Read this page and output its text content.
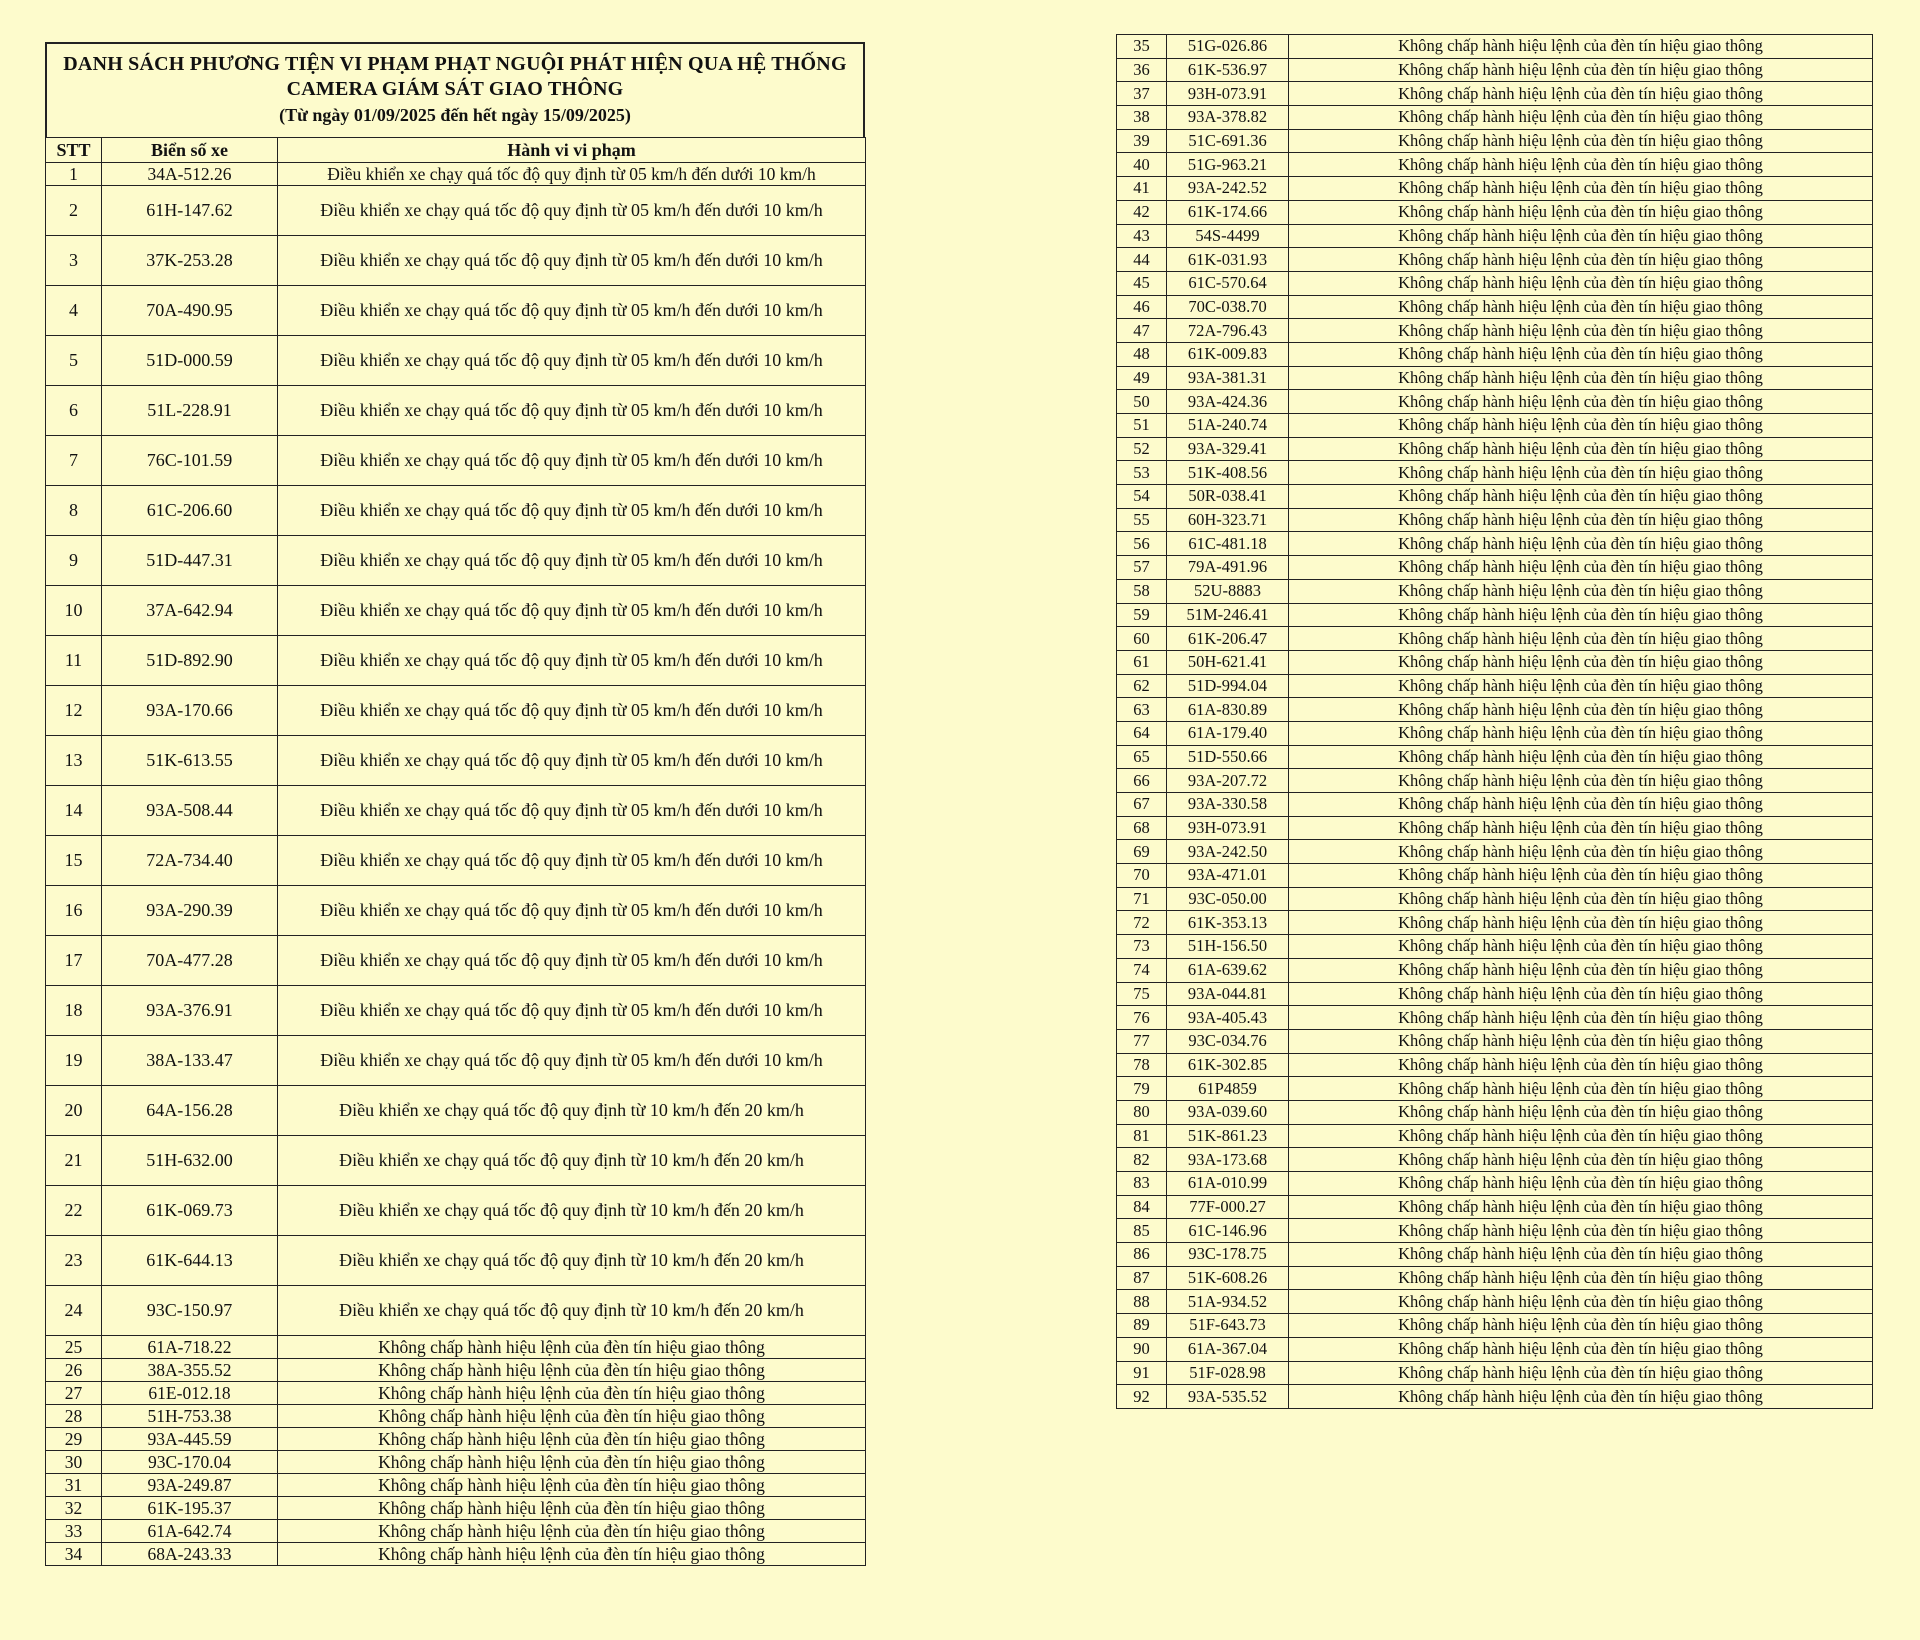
DANH SÁCH PHƯƠNG TIỆN VI PHẠM PHẠT NGUỘI PHÁT HIỆN QUA HỆ THỐNG
CAMERA GIÁM SÁT GIAO THÔNG
(Từ ngày 01/09/2025 đến hết ngày 15/09/2025)
STT	Biển số xe	Hành vi vi phạm
1	34A-512.26	Điều khiển xe chạy quá tốc độ quy định từ 05 km/h đến dưới 10 km/h
2	61H-147.62	Điều khiển xe chạy quá tốc độ quy định từ 05 km/h đến dưới 10 km/h
3	37K-253.28	Điều khiển xe chạy quá tốc độ quy định từ 05 km/h đến dưới 10 km/h
4	70A-490.95	Điều khiển xe chạy quá tốc độ quy định từ 05 km/h đến dưới 10 km/h
5	51D-000.59	Điều khiển xe chạy quá tốc độ quy định từ 05 km/h đến dưới 10 km/h
6	51L-228.91	Điều khiển xe chạy quá tốc độ quy định từ 05 km/h đến dưới 10 km/h
7	76C-101.59	Điều khiển xe chạy quá tốc độ quy định từ 05 km/h đến dưới 10 km/h
8	61C-206.60	Điều khiển xe chạy quá tốc độ quy định từ 05 km/h đến dưới 10 km/h
9	51D-447.31	Điều khiển xe chạy quá tốc độ quy định từ 05 km/h đến dưới 10 km/h
10	37A-642.94	Điều khiển xe chạy quá tốc độ quy định từ 05 km/h đến dưới 10 km/h
11	51D-892.90	Điều khiển xe chạy quá tốc độ quy định từ 05 km/h đến dưới 10 km/h
12	93A-170.66	Điều khiển xe chạy quá tốc độ quy định từ 05 km/h đến dưới 10 km/h
13	51K-613.55	Điều khiển xe chạy quá tốc độ quy định từ 05 km/h đến dưới 10 km/h
14	93A-508.44	Điều khiển xe chạy quá tốc độ quy định từ 05 km/h đến dưới 10 km/h
15	72A-734.40	Điều khiển xe chạy quá tốc độ quy định từ 05 km/h đến dưới 10 km/h
16	93A-290.39	Điều khiển xe chạy quá tốc độ quy định từ 05 km/h đến dưới 10 km/h
17	70A-477.28	Điều khiển xe chạy quá tốc độ quy định từ 05 km/h đến dưới 10 km/h
18	93A-376.91	Điều khiển xe chạy quá tốc độ quy định từ 05 km/h đến dưới 10 km/h
19	38A-133.47	Điều khiển xe chạy quá tốc độ quy định từ 05 km/h đến dưới 10 km/h
20	64A-156.28	Điều khiển xe chạy quá tốc độ quy định từ 10 km/h đến 20 km/h
21	51H-632.00	Điều khiển xe chạy quá tốc độ quy định từ 10 km/h đến 20 km/h
22	61K-069.73	Điều khiển xe chạy quá tốc độ quy định từ 10 km/h đến 20 km/h
23	61K-644.13	Điều khiển xe chạy quá tốc độ quy định từ 10 km/h đến 20 km/h
24	93C-150.97	Điều khiển xe chạy quá tốc độ quy định từ 10 km/h đến 20 km/h
25	61A-718.22	Không chấp hành hiệu lệnh của đèn tín hiệu giao thông
26	38A-355.52	Không chấp hành hiệu lệnh của đèn tín hiệu giao thông
27	61E-012.18	Không chấp hành hiệu lệnh của đèn tín hiệu giao thông
28	51H-753.38	Không chấp hành hiệu lệnh của đèn tín hiệu giao thông
29	93A-445.59	Không chấp hành hiệu lệnh của đèn tín hiệu giao thông
30	93C-170.04	Không chấp hành hiệu lệnh của đèn tín hiệu giao thông
31	93A-249.87	Không chấp hành hiệu lệnh của đèn tín hiệu giao thông
32	61K-195.37	Không chấp hành hiệu lệnh của đèn tín hiệu giao thông
33	61A-642.74	Không chấp hành hiệu lệnh của đèn tín hiệu giao thông
34	68A-243.33	Không chấp hành hiệu lệnh của đèn tín hiệu giao thông
35	51G-026.86	Không chấp hành hiệu lệnh của đèn tín hiệu giao thông
36	61K-536.97	Không chấp hành hiệu lệnh của đèn tín hiệu giao thông
37	93H-073.91	Không chấp hành hiệu lệnh của đèn tín hiệu giao thông
38	93A-378.82	Không chấp hành hiệu lệnh của đèn tín hiệu giao thông
39	51C-691.36	Không chấp hành hiệu lệnh của đèn tín hiệu giao thông
40	51G-963.21	Không chấp hành hiệu lệnh của đèn tín hiệu giao thông
41	93A-242.52	Không chấp hành hiệu lệnh của đèn tín hiệu giao thông
42	61K-174.66	Không chấp hành hiệu lệnh của đèn tín hiệu giao thông
43	54S-4499	Không chấp hành hiệu lệnh của đèn tín hiệu giao thông
44	61K-031.93	Không chấp hành hiệu lệnh của đèn tín hiệu giao thông
45	61C-570.64	Không chấp hành hiệu lệnh của đèn tín hiệu giao thông
46	70C-038.70	Không chấp hành hiệu lệnh của đèn tín hiệu giao thông
47	72A-796.43	Không chấp hành hiệu lệnh của đèn tín hiệu giao thông
48	61K-009.83	Không chấp hành hiệu lệnh của đèn tín hiệu giao thông
49	93A-381.31	Không chấp hành hiệu lệnh của đèn tín hiệu giao thông
50	93A-424.36	Không chấp hành hiệu lệnh của đèn tín hiệu giao thông
51	51A-240.74	Không chấp hành hiệu lệnh của đèn tín hiệu giao thông
52	93A-329.41	Không chấp hành hiệu lệnh của đèn tín hiệu giao thông
53	51K-408.56	Không chấp hành hiệu lệnh của đèn tín hiệu giao thông
54	50R-038.41	Không chấp hành hiệu lệnh của đèn tín hiệu giao thông
55	60H-323.71	Không chấp hành hiệu lệnh của đèn tín hiệu giao thông
56	61C-481.18	Không chấp hành hiệu lệnh của đèn tín hiệu giao thông
57	79A-491.96	Không chấp hành hiệu lệnh của đèn tín hiệu giao thông
58	52U-8883	Không chấp hành hiệu lệnh của đèn tín hiệu giao thông
59	51M-246.41	Không chấp hành hiệu lệnh của đèn tín hiệu giao thông
60	61K-206.47	Không chấp hành hiệu lệnh của đèn tín hiệu giao thông
61	50H-621.41	Không chấp hành hiệu lệnh của đèn tín hiệu giao thông
62	51D-994.04	Không chấp hành hiệu lệnh của đèn tín hiệu giao thông
63	61A-830.89	Không chấp hành hiệu lệnh của đèn tín hiệu giao thông
64	61A-179.40	Không chấp hành hiệu lệnh của đèn tín hiệu giao thông
65	51D-550.66	Không chấp hành hiệu lệnh của đèn tín hiệu giao thông
66	93A-207.72	Không chấp hành hiệu lệnh của đèn tín hiệu giao thông
67	93A-330.58	Không chấp hành hiệu lệnh của đèn tín hiệu giao thông
68	93H-073.91	Không chấp hành hiệu lệnh của đèn tín hiệu giao thông
69	93A-242.50	Không chấp hành hiệu lệnh của đèn tín hiệu giao thông
70	93A-471.01	Không chấp hành hiệu lệnh của đèn tín hiệu giao thông
71	93C-050.00	Không chấp hành hiệu lệnh của đèn tín hiệu giao thông
72	61K-353.13	Không chấp hành hiệu lệnh của đèn tín hiệu giao thông
73	51H-156.50	Không chấp hành hiệu lệnh của đèn tín hiệu giao thông
74	61A-639.62	Không chấp hành hiệu lệnh của đèn tín hiệu giao thông
75	93A-044.81	Không chấp hành hiệu lệnh của đèn tín hiệu giao thông
76	93A-405.43	Không chấp hành hiệu lệnh của đèn tín hiệu giao thông
77	93C-034.76	Không chấp hành hiệu lệnh của đèn tín hiệu giao thông
78	61K-302.85	Không chấp hành hiệu lệnh của đèn tín hiệu giao thông
79	61P4859	Không chấp hành hiệu lệnh của đèn tín hiệu giao thông
80	93A-039.60	Không chấp hành hiệu lệnh của đèn tín hiệu giao thông
81	51K-861.23	Không chấp hành hiệu lệnh của đèn tín hiệu giao thông
82	93A-173.68	Không chấp hành hiệu lệnh của đèn tín hiệu giao thông
83	61A-010.99	Không chấp hành hiệu lệnh của đèn tín hiệu giao thông
84	77F-000.27	Không chấp hành hiệu lệnh của đèn tín hiệu giao thông
85	61C-146.96	Không chấp hành hiệu lệnh của đèn tín hiệu giao thông
86	93C-178.75	Không chấp hành hiệu lệnh của đèn tín hiệu giao thông
87	51K-608.26	Không chấp hành hiệu lệnh của đèn tín hiệu giao thông
88	51A-934.52	Không chấp hành hiệu lệnh của đèn tín hiệu giao thông
89	51F-643.73	Không chấp hành hiệu lệnh của đèn tín hiệu giao thông
90	61A-367.04	Không chấp hành hiệu lệnh của đèn tín hiệu giao thông
91	51F-028.98	Không chấp hành hiệu lệnh của đèn tín hiệu giao thông
92	93A-535.52	Không chấp hành hiệu lệnh của đèn tín hiệu giao thông
